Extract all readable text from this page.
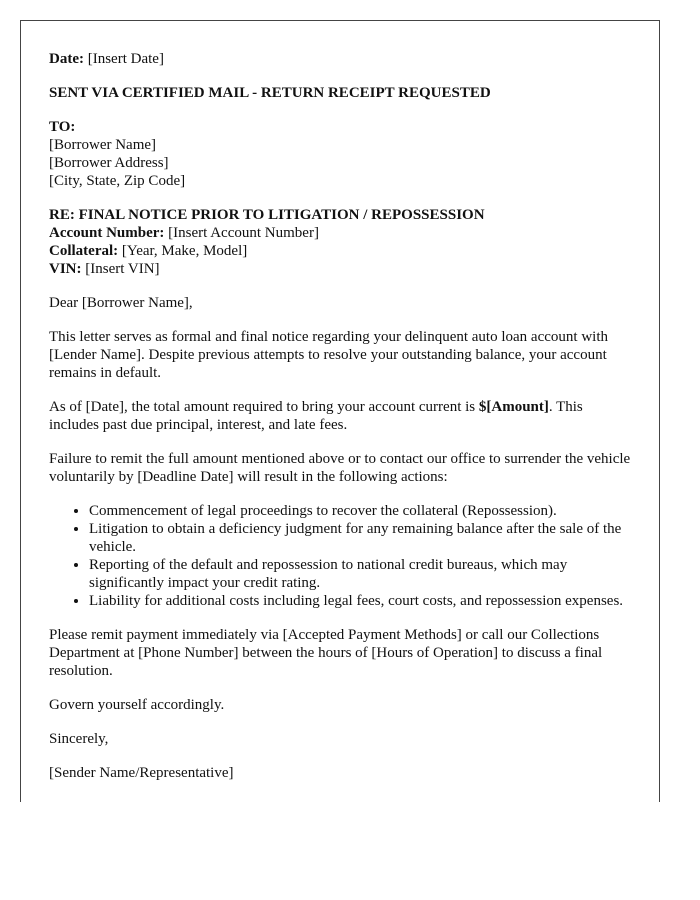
Date: [Insert Date]

SENT VIA CERTIFIED MAIL - RETURN RECEIPT REQUESTED

TO:
[Borrower Name]
[Borrower Address]
[City, State, Zip Code]

RE: FINAL NOTICE PRIOR TO LITIGATION / REPOSSESSION
Account Number: [Insert Account Number]
Collateral: [Year, Make, Model]
VIN: [Insert VIN]

Dear [Borrower Name],

This letter serves as formal and final notice regarding your delinquent auto loan account with [Lender Name]. Despite previous attempts to resolve your outstanding balance, your account remains in default.

As of [Date], the total amount required to bring your account current is $[Amount]. This includes past due principal, interest, and late fees.

Failure to remit the full amount mentioned above or to contact our office to surrender the vehicle voluntarily by [Deadline Date] will result in the following actions:

• Commencement of legal proceedings to recover the collateral (Repossession).
• Litigation to obtain a deficiency judgment for any remaining balance after the sale of the vehicle.
• Reporting of the default and repossession to national credit bureaus, which may significantly impact your credit rating.
• Liability for additional costs including legal fees, court costs, and repossession expenses.

Please remit payment immediately via [Accepted Payment Methods] or call our Collections Department at [Phone Number] between the hours of [Hours of Operation] to discuss a final resolution.

Govern yourself accordingly.

Sincerely,

[Sender Name/Representative]
